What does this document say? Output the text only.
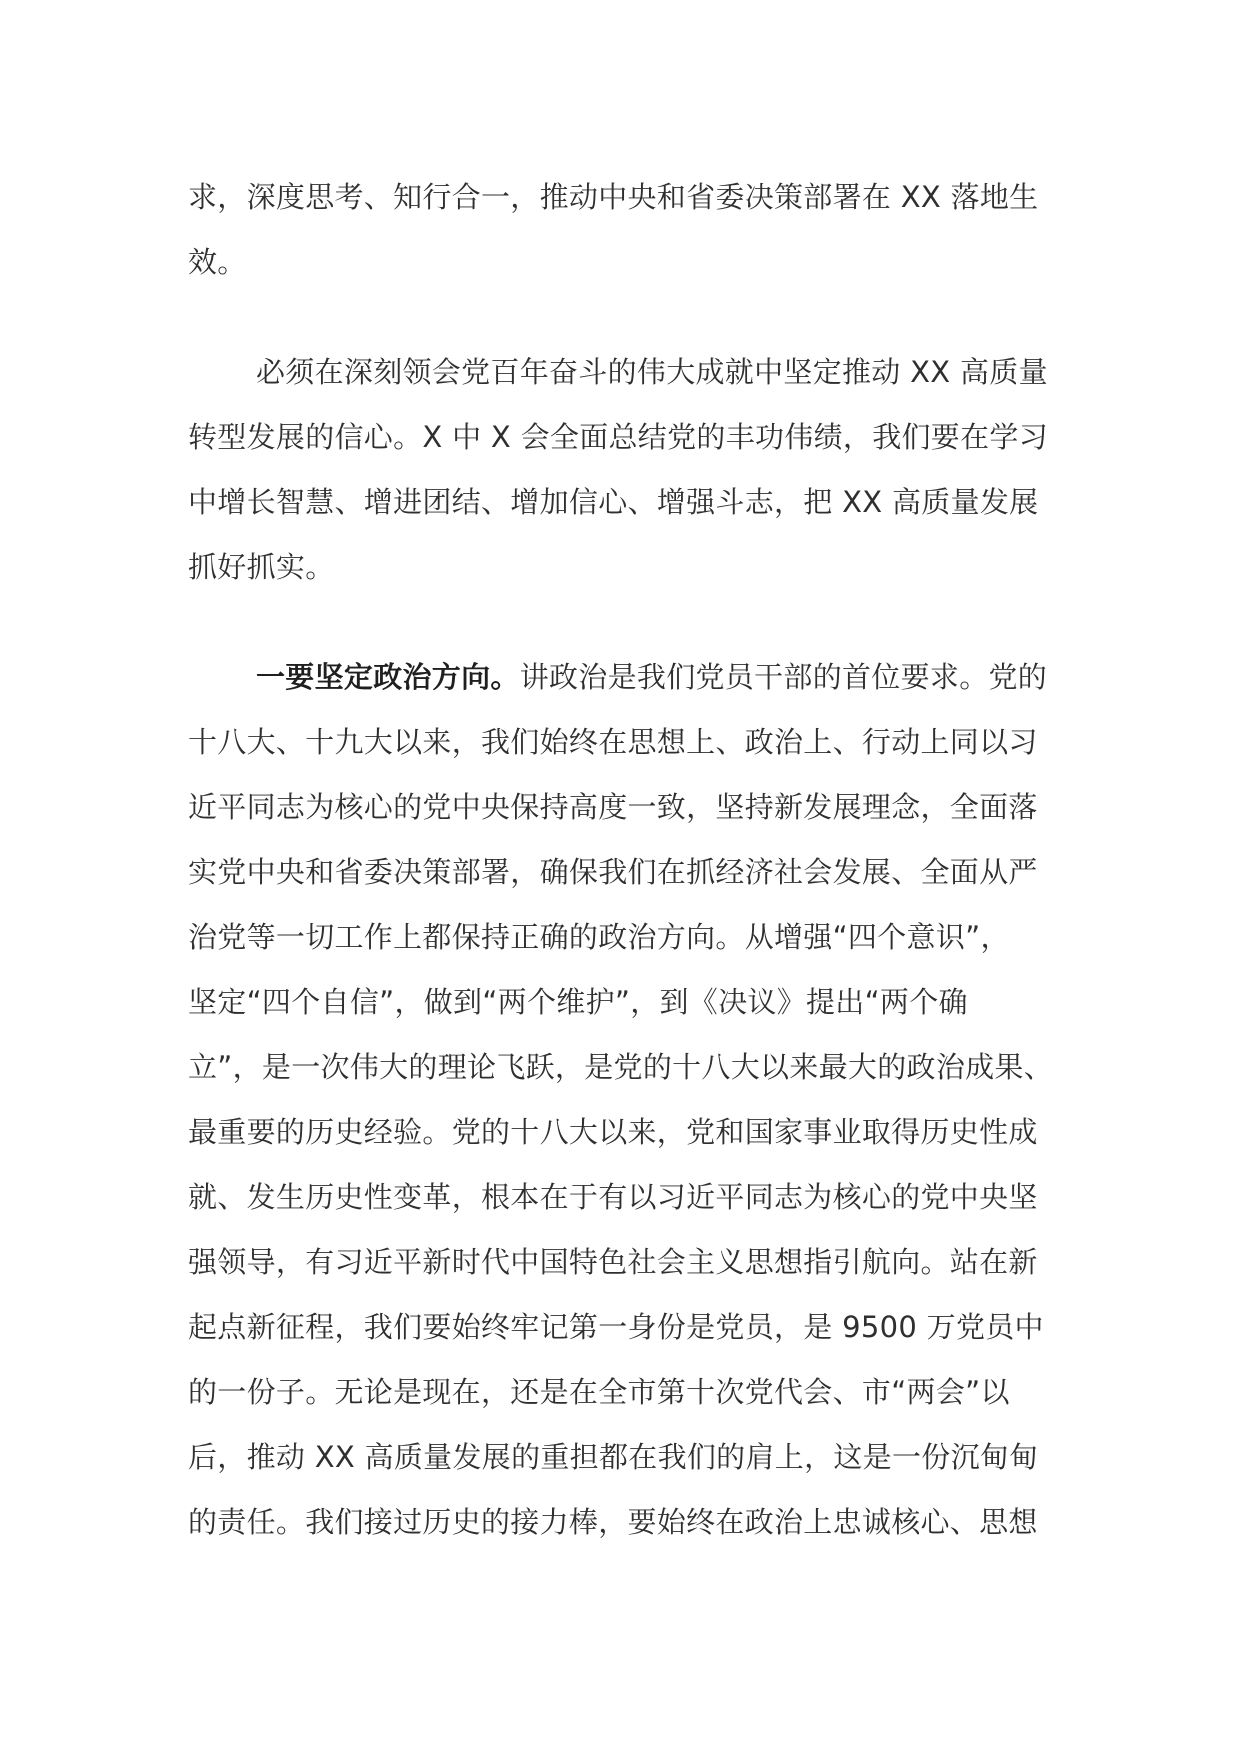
求，深度思考、知行合一，推动中央和省委决策部署在 XX 落地生
效。
必须在深刻领会党百年奋斗的伟大成就中坚定推动 XX 高质量
转型发展的信心。X 中 X 会全面总结党的丰功伟绩，我们要在学习
中增长智慧、增进团结、增加信心、增强斗志，把 XX 高质量发展
抓好抓实。
一要坚定政治方向。讲政治是我们党员干部的首位要求。党的
十八大、十九大以来，我们始终在思想上、政治上、行动上同以习
近平同志为核心的党中央保持高度一致，坚持新发展理念，全面落
实党中央和省委决策部署，确保我们在抓经济社会发展、全面从严
治党等一切工作上都保持正确的政治方向。从增强“四个意识”，
坚定“四个自信”，做到“两个维护”，到《决议》提出“两个确
立”，是一次伟大的理论飞跃，是党的十八大以来最大的政治成果、
最重要的历史经验。党的十八大以来，党和国家事业取得历史性成
就、发生历史性变革，根本在于有以习近平同志为核心的党中央坚
强领导，有习近平新时代中国特色社会主义思想指引航向。站在新
起点新征程，我们要始终牢记第一身份是党员，是 9500 万党员中
的一份子。无论是现在，还是在全市第十次党代会、市“两会”以
后，推动 XX 高质量发展的重担都在我们的肩上，这是一份沉甸甸
的责任。我们接过历史的接力棒，要始终在政治上忠诚核心、思想
